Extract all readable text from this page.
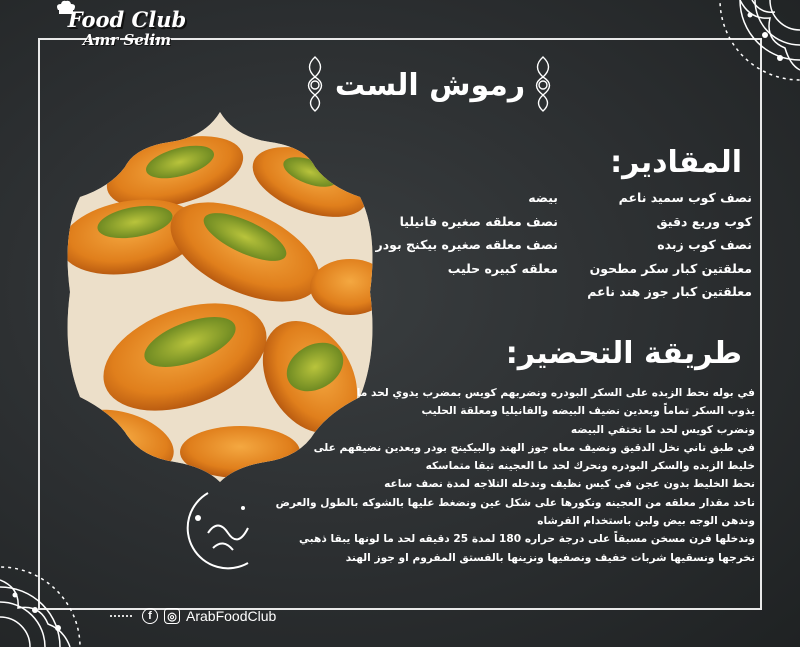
Food Club
Amr Selim
رموش الست
المقادير:
نصف كوب سميد ناعم
كوب وربع دقيق
نصف كوب زبده
معلقتين كبار سكر مطحون
معلقتين كبار جوز هند ناعم
بيضه
نصف معلقه صغيره فانيليا
نصف معلقه صغيره بيكنج بودر
معلقه كبيره حليب
طريقة التحضير:
في بوله نحط الزبده على السكر البودره ونضربهم كويس بمضرب يدوي لحد ما
يذوب السكر تماماً وبعدين نضيف البيضه والفانيليا ومعلقة الحليب
ونضرب كويس لحد ما تختفي البيضه
في طبق تاني نخل الدقيق ونضيف معاه جوز الهند والبيكينج بودر وبعدين نضيفهم على
خليط الزبده والسكر البودره ونحرك لحد ما العجينه تبقا متماسكه
نحط الخليط بدون عجن في كيس نظيف وندخله التلاجه لمدة نصف ساعه
ناخد مقدار معلقه من العجينه ونكورها على شكل عين ونضغط عليها بالشوكه بالطول والعرض
وندهن الوجه بيض ولبن باستخدام الفرشاه
وندخلها فرن مسخن مسبقاً على درجة حراره 180 لمدة 25 دقيقه لحد ما لونها يبقا ذهبي
نخرجها ونسقيها شربات خفيف ونصفيها ونزينها بالفستق المفروم او جوز الهند
f	◎ ArabFoodClub
